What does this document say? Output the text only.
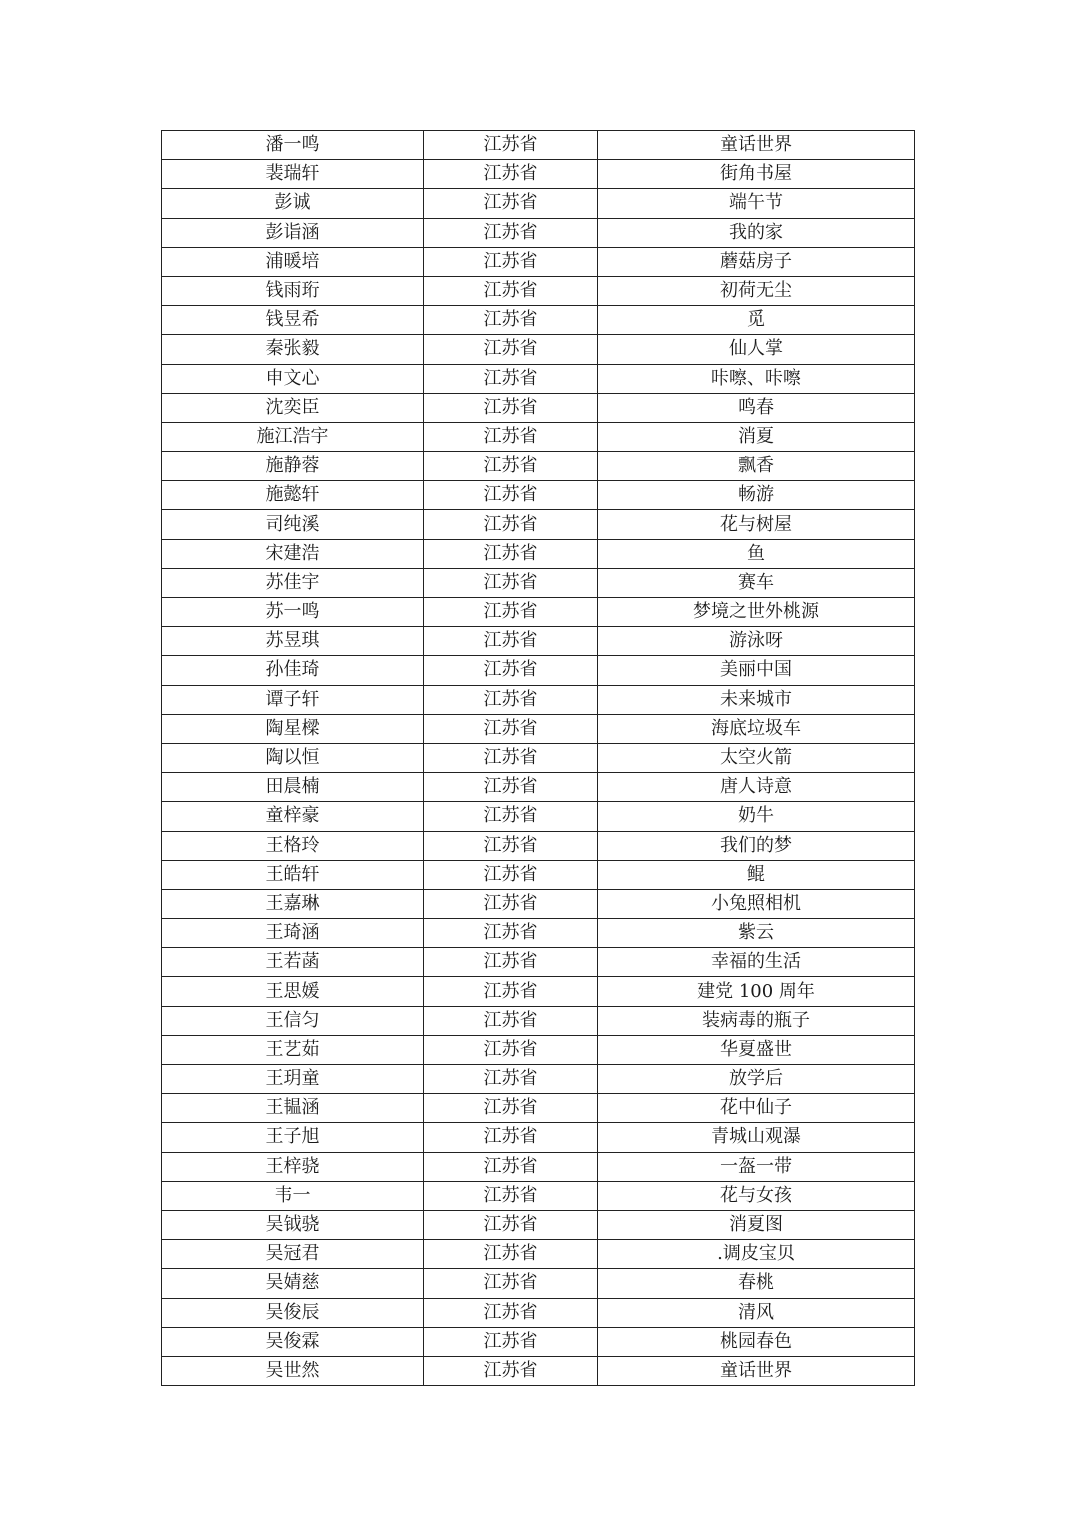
潘一鸣	江苏省	童话世界
裴瑞轩	江苏省	街角书屋
彭诚	江苏省	端午节
彭诣涵	江苏省	我的家
浦暖培	江苏省	蘑菇房子
钱雨珩	江苏省	初荷无尘
钱昱希	江苏省	觅
秦张毅	江苏省	仙人掌
申文心	江苏省	咔嚓、咔嚓
沈奕臣	江苏省	鸣春
施江浩宇	江苏省	消夏
施静蓉	江苏省	飘香
施懿轩	江苏省	畅游
司纯溪	江苏省	花与树屋
宋建浩	江苏省	鱼
苏佳宇	江苏省	赛车
苏一鸣	江苏省	梦境之世外桃源
苏昱琪	江苏省	游泳呀
孙佳琦	江苏省	美丽中国
谭子轩	江苏省	未来城市
陶星樑	江苏省	海底垃圾车
陶以恒	江苏省	太空火箭
田晨楠	江苏省	唐人诗意
童梓豪	江苏省	奶牛
王格玲	江苏省	我们的梦
王皓轩	江苏省	鲲
王嘉琳	江苏省	小兔照相机
王琦涵	江苏省	紫云
王若菡	江苏省	幸福的生活
王思媛	江苏省	建党 100 周年
王信匀	江苏省	装病毒的瓶子
王艺茹	江苏省	华夏盛世
王玥童	江苏省	放学后
王韫涵	江苏省	花中仙子
王子旭	江苏省	青城山观瀑
王梓骁	江苏省	一盔一带
韦一	江苏省	花与女孩
吴钺骁	江苏省	消夏图
吴冠君	江苏省	.调皮宝贝
吴婧慈	江苏省	春桃
吴俊辰	江苏省	清风
吴俊霖	江苏省	桃园春色
吴世然	江苏省	童话世界
